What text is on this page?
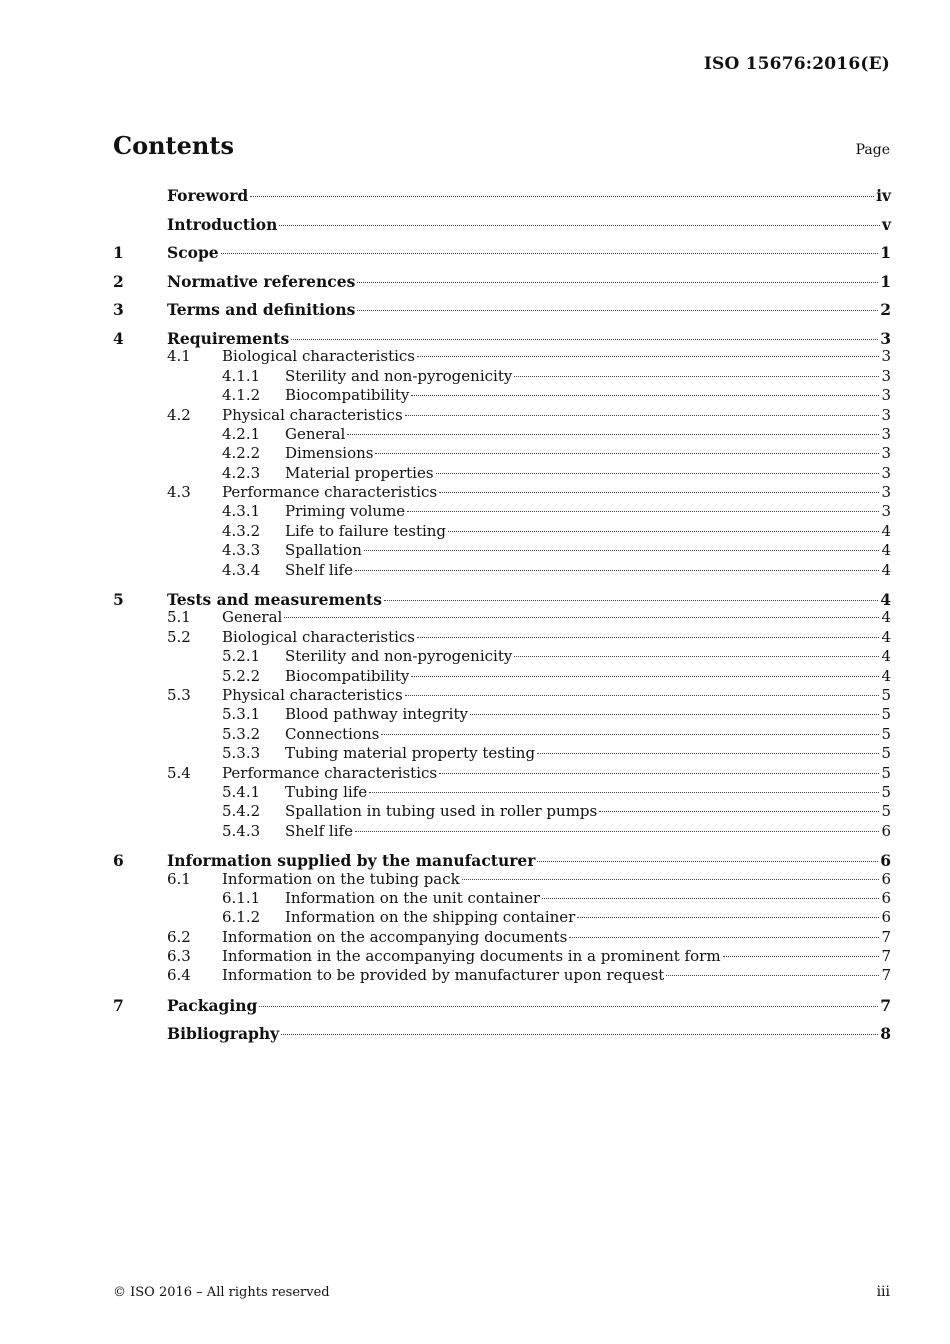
ISO 15676:2016(E)
Contents	Page
Foreword	iv
Introduction	v
1	Scope	1
2	Normative references	1
3	Terms and definitions	2
4	Requirements	3
4.1	Biological characteristics	3
4.1.1	Sterility and non-pyrogenicity	3
4.1.2	Biocompatibility	3
4.2	Physical characteristics	3
4.2.1	General	3
4.2.2	Dimensions	3
4.2.3	Material properties	3
4.3	Performance characteristics	3
4.3.1	Priming volume	3
4.3.2	Life to failure testing	4
4.3.3	Spallation	4
4.3.4	Shelf life	4
5	Tests and measurements	4
5.1	General	4
5.2	Biological characteristics	4
5.2.1	Sterility and non-pyrogenicity	4
5.2.2	Biocompatibility	4
5.3	Physical characteristics	5
5.3.1	Blood pathway integrity	5
5.3.2	Connections	5
5.3.3	Tubing material property testing	5
5.4	Performance characteristics	5
5.4.1	Tubing life	5
5.4.2	Spallation in tubing used in roller pumps	5
5.4.3	Shelf life	6
6	Information supplied by the manufacturer	6
6.1	Information on the tubing pack	6
6.1.1	Information on the unit container	6
6.1.2	Information on the shipping container	6
6.2	Information on the accompanying documents	7
6.3	Information in the accompanying documents in a prominent form	7
6.4	Information to be provided by manufacturer upon request	7
7	Packaging	7
Bibliography	8
© ISO 2016 – All rights reserved	iii
